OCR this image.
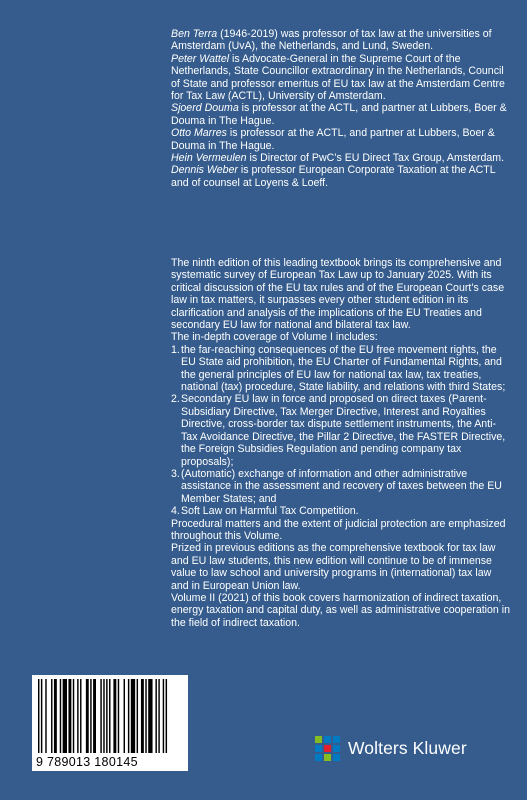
Ben Terra (1946-2019) was professor of tax law at the universities of Amsterdam (UvA), the Netherlands, and Lund, Sweden.

Peter Wattel is Advocate-General in the Supreme Court of the Netherlands, State Councillor extraordinary in the Netherlands, Council of State and professor emeritus of EU tax law at the Amsterdam Centre for Tax Law (ACTL), University of Amsterdam.

Sjoerd Douma is professor at the ACTL, and partner at Lubbers, Boer & Douma in The Hague.

Otto Marres is professor at the ACTL, and partner at Lubbers, Boer & Douma in The Hague.

Hein Vermeulen is Director of PwC’s EU Direct Tax Group, Amsterdam.

Dennis Weber is professor European Corporate Taxation at the ACTL and of counsel at Loyens & Loeff.

The ninth edition of this leading textbook brings its comprehensive and systematic survey of European Tax Law up to January 2025. With its critical discussion of the EU tax rules and of the European Court’s case law in tax matters, it surpasses every other student edition in its clarification and analysis of the implications of the EU Treaties and secondary EU law for national and bilateral tax law.

The in-depth coverage of Volume I includes:

1. the far-reaching consequences of the EU free movement rights, the EU State aid prohibition, the EU Charter of Fundamental Rights, and the general principles of EU law for national tax law, tax treaties, national (tax) procedure, State liability, and relations with third States;
2. Secondary EU law in force and proposed on direct taxes (Parent-Subsidiary Directive, Tax Merger Directive, Interest and Royalties Directive, cross-border tax dispute settlement instruments, the Anti-Tax Avoidance Directive, the Pillar 2 Directive, the FASTER Directive, the Foreign Subsidies Regulation and pending company tax proposals);
3. (Automatic) exchange of information and other administrative assistance in the assessment and recovery of taxes between the EU Member States; and
4. Soft Law on Harmful Tax Competition.

Procedural matters and the extent of judicial protection are emphasized throughout this Volume.

Prized in previous editions as the comprehensive textbook for tax law and EU law students, this new edition will continue to be of immense value to law school and university programs in (international) tax law and in European Union law.

Volume II (2021) of this book covers harmonization of indirect taxation, energy taxation and capital duty, as well as administrative cooperation in the field of indirect taxation.

9 789013 180145
Wolters Kluwer
